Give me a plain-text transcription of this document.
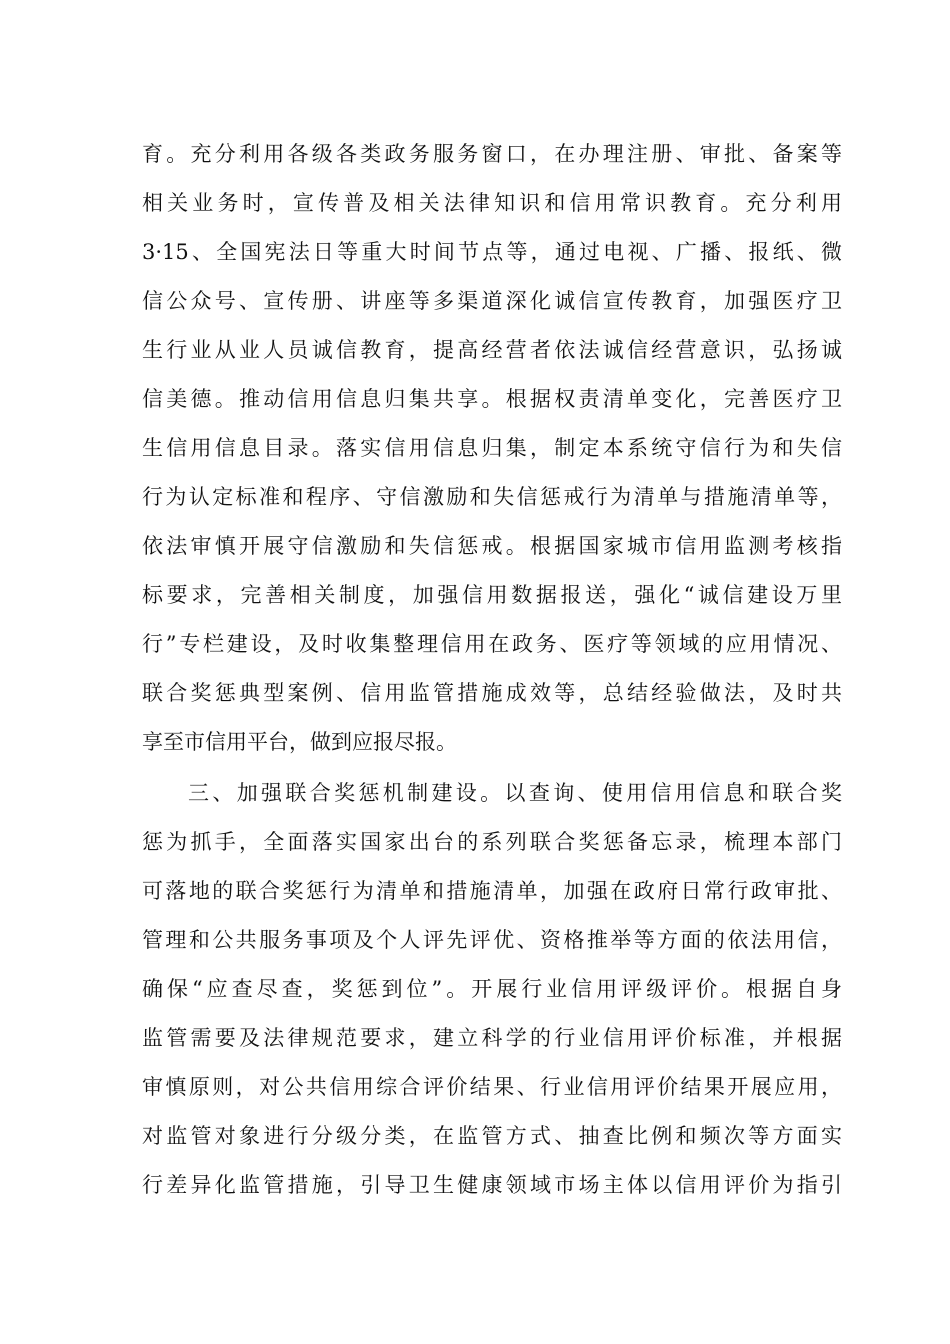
育。充分利用各级各类政务服务窗口，在办理注册、审批、备案等
相关业务时，宣传普及相关法律知识和信用常识教育。充分利用
3·15、全国宪法日等重大时间节点等，通过电视、广播、报纸、微
信公众号、宣传册、讲座等多渠道深化诚信宣传教育，加强医疗卫
生行业从业人员诚信教育，提高经营者依法诚信经营意识，弘扬诚
信美德。推动信用信息归集共享。根据权责清单变化，完善医疗卫
生信用信息目录。落实信用信息归集，制定本系统守信行为和失信
行为认定标准和程序、守信激励和失信惩戒行为清单与措施清单等，
依法审慎开展守信激励和失信惩戒。根据国家城市信用监测考核指
标要求，完善相关制度，加强信用数据报送，强化“诚信建设万里
行”专栏建设，及时收集整理信用在政务、医疗等领域的应用情况、
联合奖惩典型案例、信用监管措施成效等，总结经验做法，及时共
享至市信用平台，做到应报尽报。
三、加强联合奖惩机制建设。以查询、使用信用信息和联合奖
惩为抓手，全面落实国家出台的系列联合奖惩备忘录，梳理本部门
可落地的联合奖惩行为清单和措施清单，加强在政府日常行政审批、
管理和公共服务事项及个人评先评优、资格推举等方面的依法用信，
确保“应查尽查，奖惩到位”。开展行业信用评级评价。根据自身
监管需要及法律规范要求，建立科学的行业信用评价标准，并根据
审慎原则，对公共信用综合评价结果、行业信用评价结果开展应用，
对监管对象进行分级分类，在监管方式、抽查比例和频次等方面实
行差异化监管措施，引导卫生健康领域市场主体以信用评价为指引
